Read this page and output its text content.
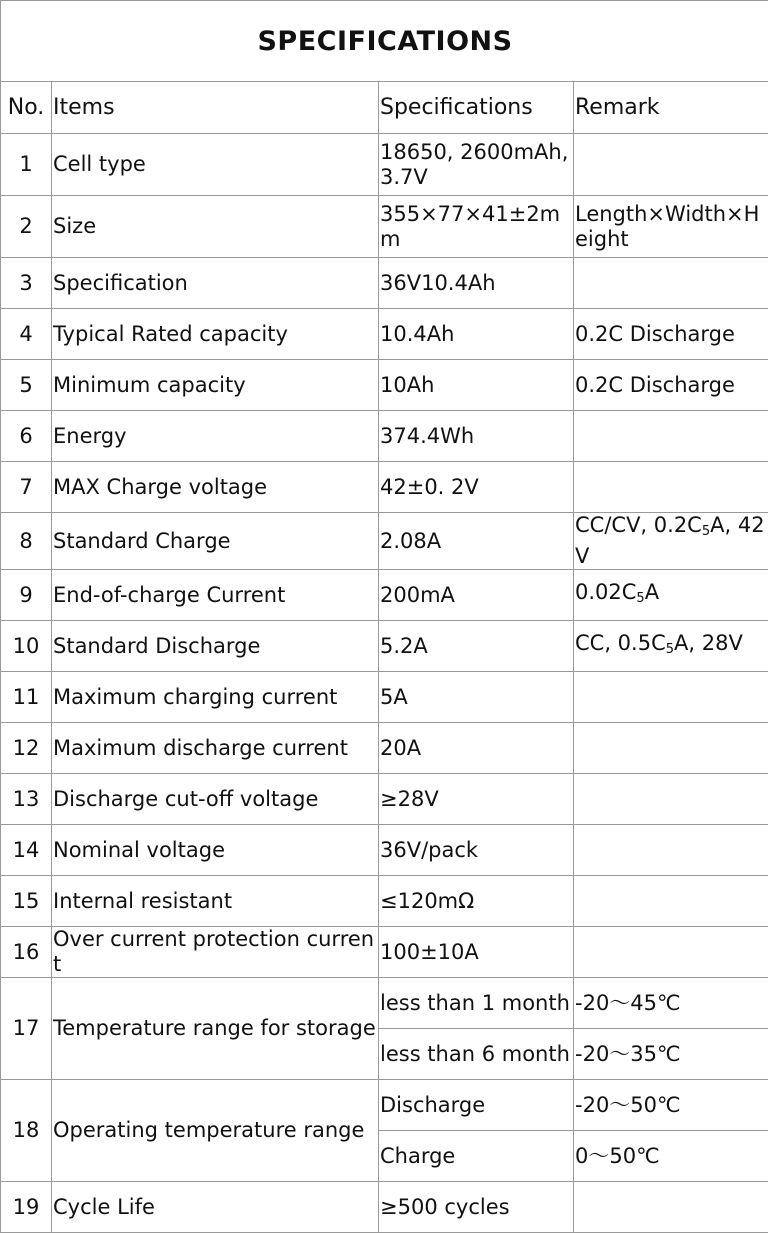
SPECIFICATIONS			
No.	Items	Specifications	Remark
1	Cell type	18650, 2600mAh, 3.7V	
2	Size	355×77×41±2mm	Length×Width×Height
3	Specification	36V10.4Ah	
4	Typical Rated capacity	10.4Ah	0.2C Discharge
5	Minimum capacity	10Ah	0.2C Discharge
6	Energy	374.4Wh	
7	MAX Charge voltage	42±0. 2V	
8	Standard Charge	2.08A	CC/CV, $0.2C_5A$, 42V
9	End-of-charge Current	200mA	$0.02C_5A$
10	Standard Discharge	5.2A	CC, $0.5C_5A$, 28V
11	Maximum charging current	5A	
12	Maximum discharge current	20A	
13	Discharge cut-off voltage	≥28V	
14	Nominal voltage	36V/pack	
15	Internal resistant	≤120mΩ	
16	Over current protection current	100±10A	
17	Temperature range for storage	less than 1 month	-20～45℃
		less than 6 month	-20～35℃
18	Operating temperature range	Discharge	-20～50℃
		Charge	0～50℃
19	Cycle Life	≥500 cycles	
